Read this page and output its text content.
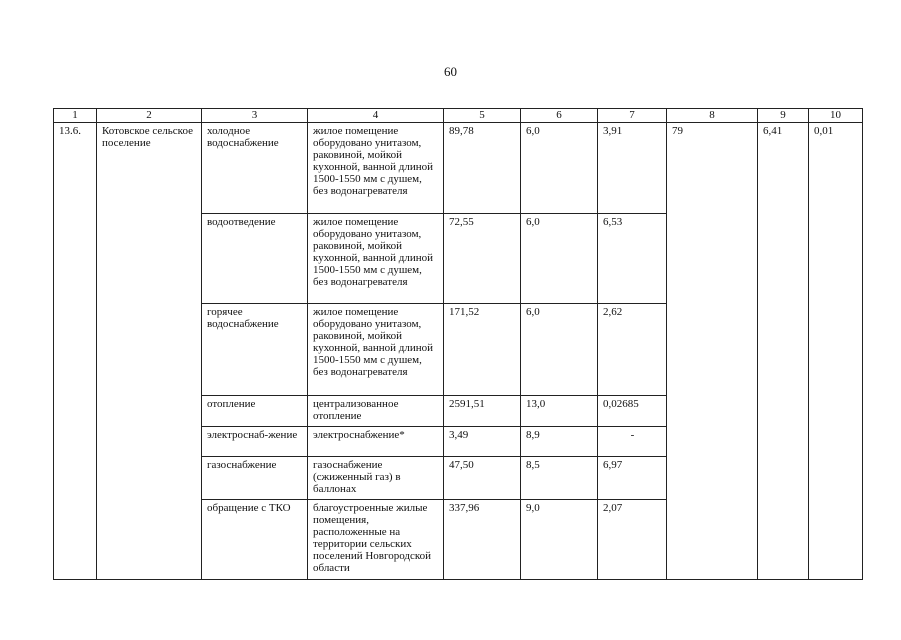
60
1	2	3	4	5	6	7	8	9	10
13.6.	Котовское сельское поселение	холодное водоснабжение	жилое помещение оборудовано унитазом, раковиной, мойкой кухонной, ванной длиной 1500-1550 мм с душем, без водонагревателя	89,78	6,0	3,91	79	6,41	0,01
		водоотведение	жилое помещение оборудовано унитазом, раковиной, мойкой кухонной, ванной длиной 1500-1550 мм с душем, без водонагревателя	72,55	6,0	6,53			
		горячее водоснабжение	жилое помещение оборудовано унитазом, раковиной, мойкой кухонной, ванной длиной 1500-1550 мм с душем, без водонагревателя	171,52	6,0	2,62			
		отопление	централизованное отопление	2591,51	13,0	0,02685			
		электроснаб-жение	электроснабжение*	3,49	8,9	-			
		газоснабжение	газоснабжение (сжиженный газ) в баллонах	47,50	8,5	6,97			
		обращение с ТКО	благоустроенные жилые помещения, расположенные на территории сельских поселений Новгородской области	337,96	9,0	2,07			
